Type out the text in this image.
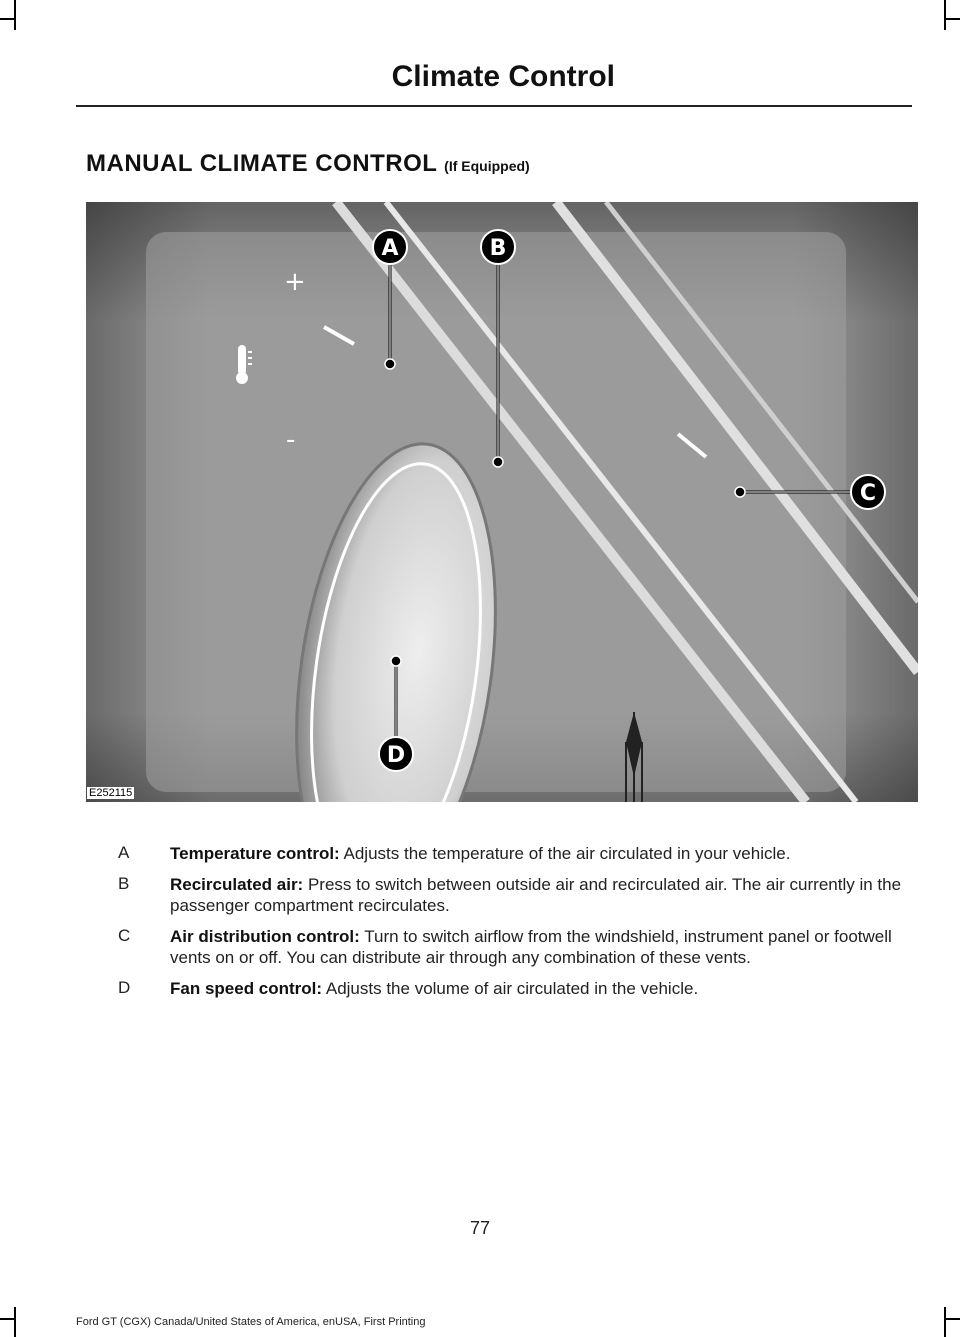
Climate Control
MANUAL CLIMATE CONTROL (If Equipped)
+
-
A	B
C
D
E252115
A Temperature control: Adjusts the temperature of the air circulated in your vehicle.
B Recirculated air: Press to switch between outside air and recirculated air. The air currently in the passenger compartment recirculates.
C Air distribution control: Turn to switch airflow from the windshield, instrument panel or footwell vents on or off. You can distribute air through any combination of these vents.
D Fan speed control: Adjusts the volume of air circulated in the vehicle.
77
Ford GT (CGX) Canada/United States of America, enUSA, First Printing
